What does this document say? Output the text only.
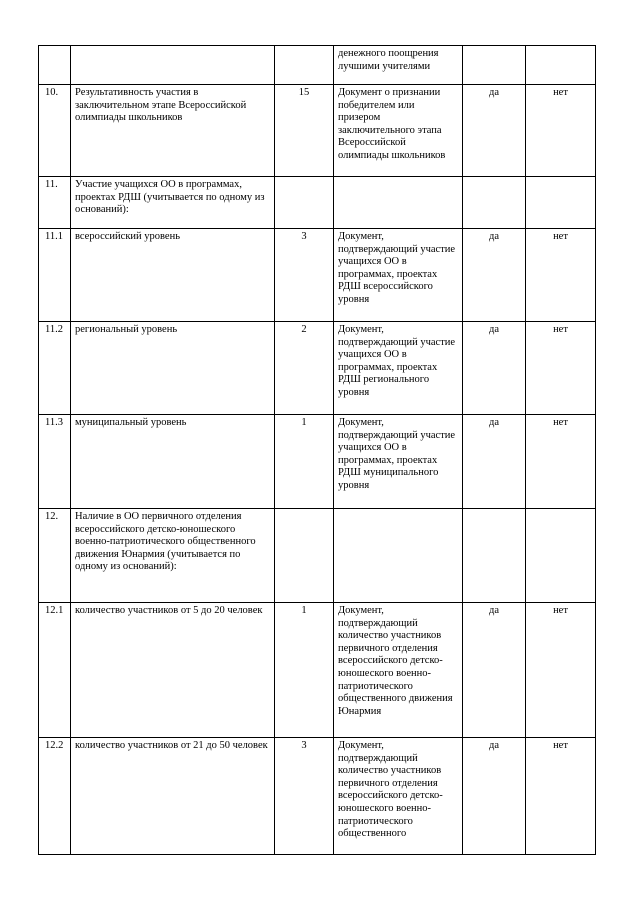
			денежного поощрения лучшими учителями		
10.	Результативность участия в заключительном этапе Всероссийской олимпиады школьников	15	Документ о признании победителем или призером заключительного этапа Всероссийской олимпиады школьников	да	нет
11.	Участие учащихся ОО в программах, проектах РДШ (учитывается по одному из оснований):				
11.1	всероссийский уровень	3	Документ, подтверждающий участие учащихся ОО в программах, проектах РДШ всероссийского уровня	да	нет
11.2	региональный уровень	2	Документ, подтверждающий участие учащихся ОО в программах, проектах РДШ регионального уровня	да	нет
11.3	муниципальный уровень	1	Документ, подтверждающий участие учащихся ОО в программах, проектах РДШ муниципального уровня	да	нет
12.	Наличие в ОО первичного отделения всероссийского детско-юношеского военно-патриотического общественного движения Юнармия (учитывается по одному из оснований):				
12.1	количество участников от 5 до 20 человек	1	Документ, подтверждающий количество участников первичного отделения всероссийского детско-юношеского военно-патриотического общественного движения Юнармия	да	нет
12.2	количество участников от 21 до 50 человек	3	Документ, подтверждающий количество участников первичного отделения всероссийского детско-юношеского военно-патриотического общественного	да	нет
